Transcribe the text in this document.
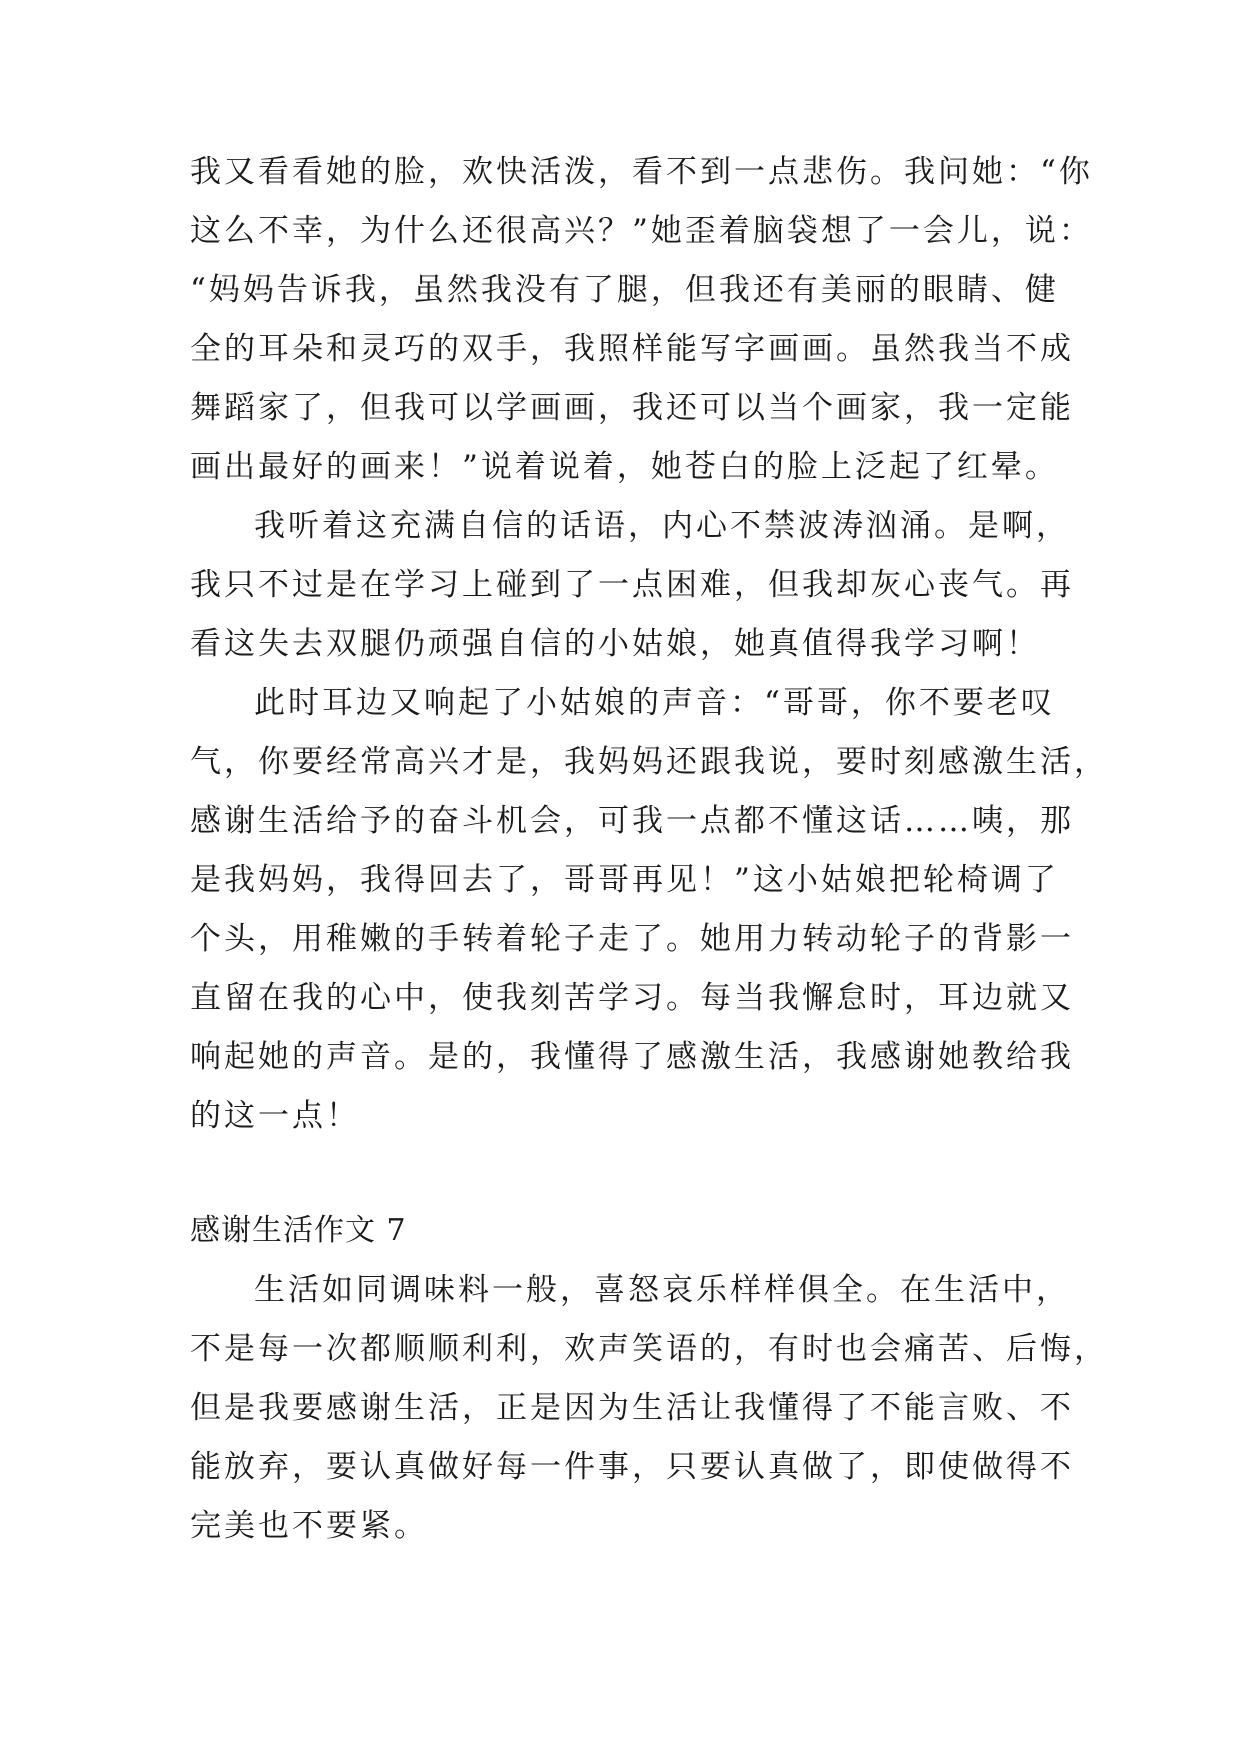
我又看看她的脸，欢快活泼，看不到一点悲伤。我问她：“你
这么不幸，为什么还很高兴？”她歪着脑袋想了一会儿，说：
“妈妈告诉我，虽然我没有了腿，但我还有美丽的眼睛、健
全的耳朵和灵巧的双手，我照样能写字画画。虽然我当不成
舞蹈家了，但我可以学画画，我还可以当个画家，我一定能
画出最好的画来！”说着说着，她苍白的脸上泛起了红晕。
我听着这充满自信的话语，内心不禁波涛汹涌。是啊，
我只不过是在学习上碰到了一点困难，但我却灰心丧气。再
看这失去双腿仍顽强自信的小姑娘，她真值得我学习啊！
此时耳边又响起了小姑娘的声音：“哥哥，你不要老叹
气，你要经常高兴才是，我妈妈还跟我说，要时刻感激生活，
感谢生活给予的奋斗机会，可我一点都不懂这话……咦，那
是我妈妈，我得回去了，哥哥再见！”这小姑娘把轮椅调了
个头，用稚嫩的手转着轮子走了。她用力转动轮子的背影一
直留在我的心中，使我刻苦学习。每当我懈怠时，耳边就又
响起她的声音。是的，我懂得了感激生活，我感谢她教给我
的这一点！
感谢生活作文 7
生活如同调味料一般，喜怒哀乐样样俱全。在生活中，
不是每一次都顺顺利利，欢声笑语的，有时也会痛苦、后悔，
但是我要感谢生活，正是因为生活让我懂得了不能言败、不
能放弃，要认真做好每一件事，只要认真做了，即使做得不
完美也不要紧。
